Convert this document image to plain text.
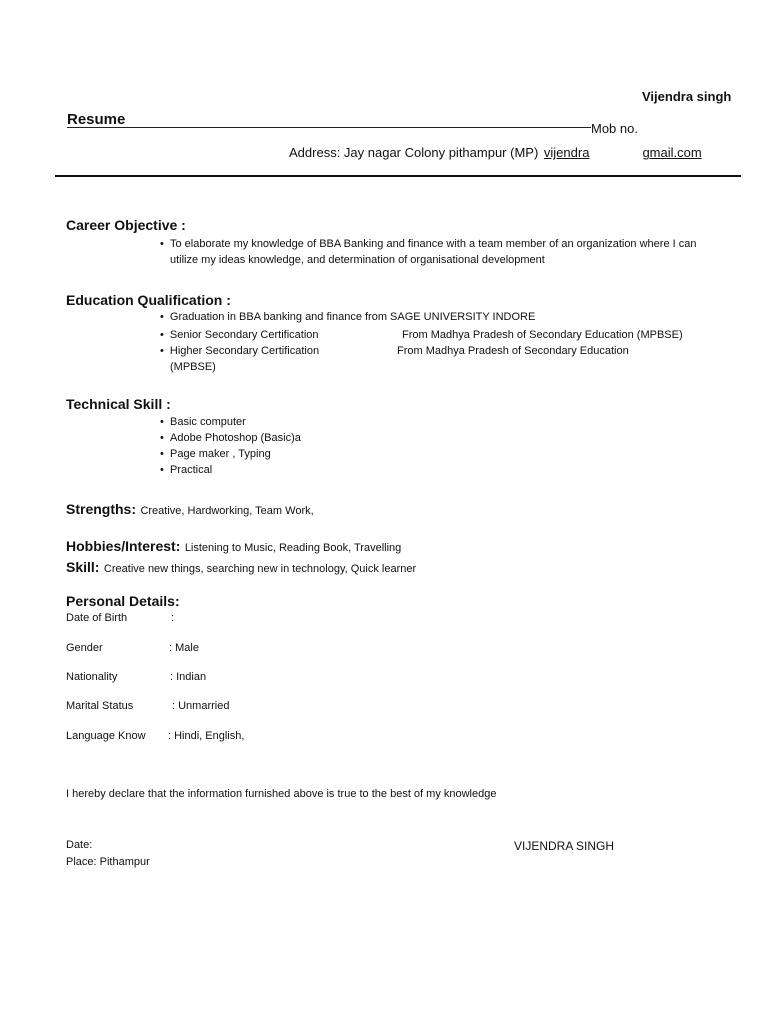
Vijendra singh
Resume
Mob no.
Address: Jay nagar Colony pithampur (MP) vijendra	gmail.com
Career Objective :
• To elaborate my knowledge of BBA Banking and finance with a team member of an organization where I can utilize my ideas knowledge, and determination of organisational development
Education Qualification :
• Graduation in BBA banking and finance from SAGE UNIVERSITY INDORE
• Senior Secondary Certification	From Madhya Pradesh of Secondary Education (MPBSE)
• Higher Secondary Certification	From Madhya Pradesh of Secondary Education
(MPBSE)
Technical Skill :
• Basic computer
• Adobe Photoshop (Basic)a
• Page maker , Typing
• Practical
Strengths: Creative, Hardworking, Team Work,
Hobbies/Interest: Listening to Music, Reading Book, Travelling
Skill: Creative new things, searching new in technology, Quick learner
Personal Details:
Date of Birth	:
Gender	: Male
Nationality	: Indian
Marital Status	: Unmarried
Language Know : Hindi, English,
I hereby declare that the information furnished above is true to the best of my knowledge
Date:
Place: Pithampur
VIJENDRA SINGH
